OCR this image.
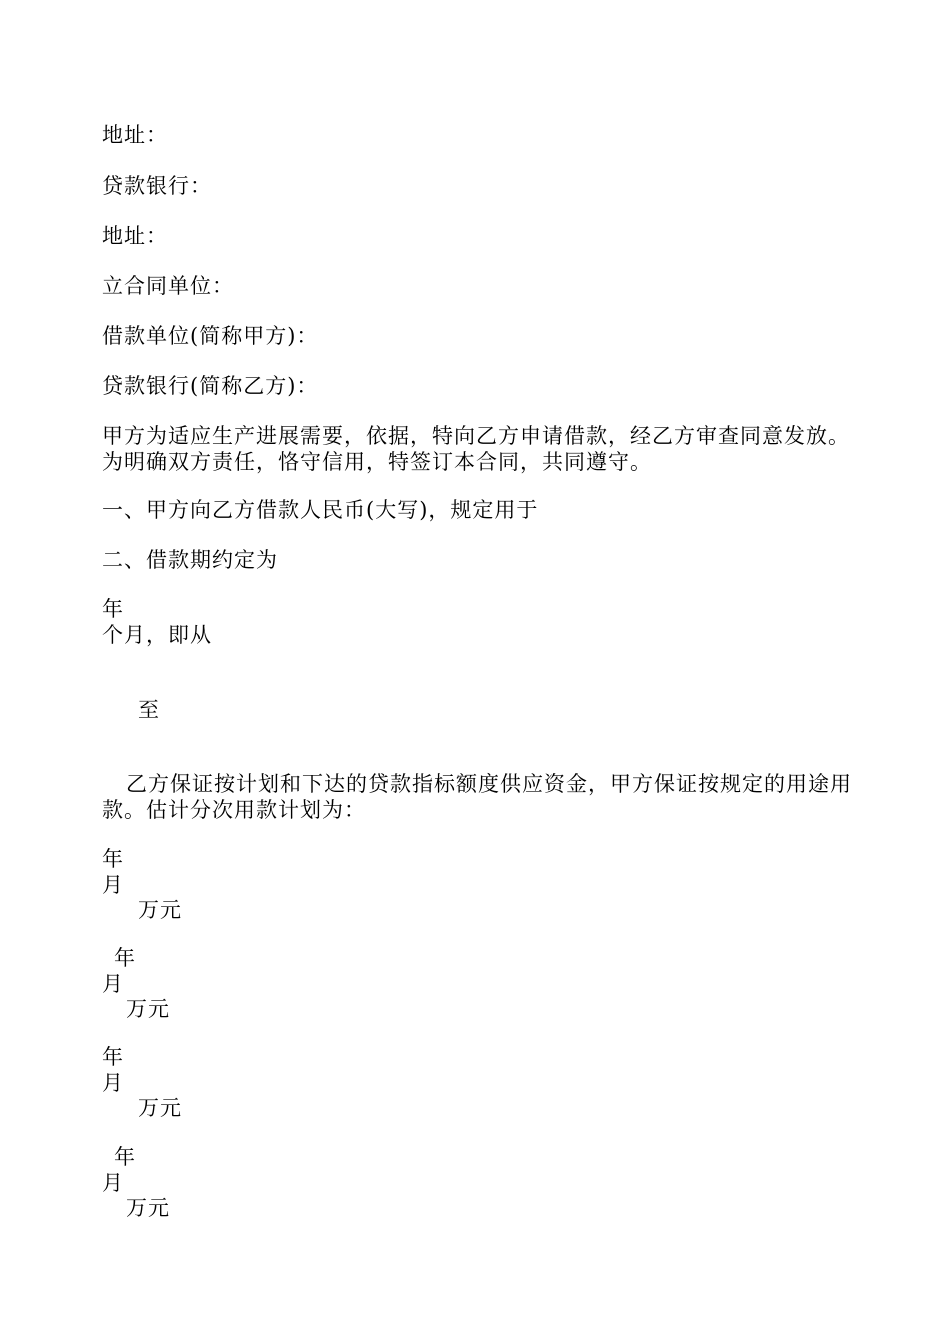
地址：
贷款银行：
地址：
立合同单位：
借款单位(简称甲方)：
贷款银行(简称乙方)：
甲方为适应生产进展需要，依据，特向乙方申请借款，经乙方审查同意发放。为明确双方责任，恪守信用，特签订本合同，共同遵守。
一、甲方向乙方借款人民币(大写)，规定用于
二、借款期约定为
年
个月，即从
至
乙方保证按计划和下达的贷款指标额度供应资金，甲方保证按规定的用途用款。估计分次用款计划为：
年
月
万元
年
月
万元
年
月
万元
年
月
万元
